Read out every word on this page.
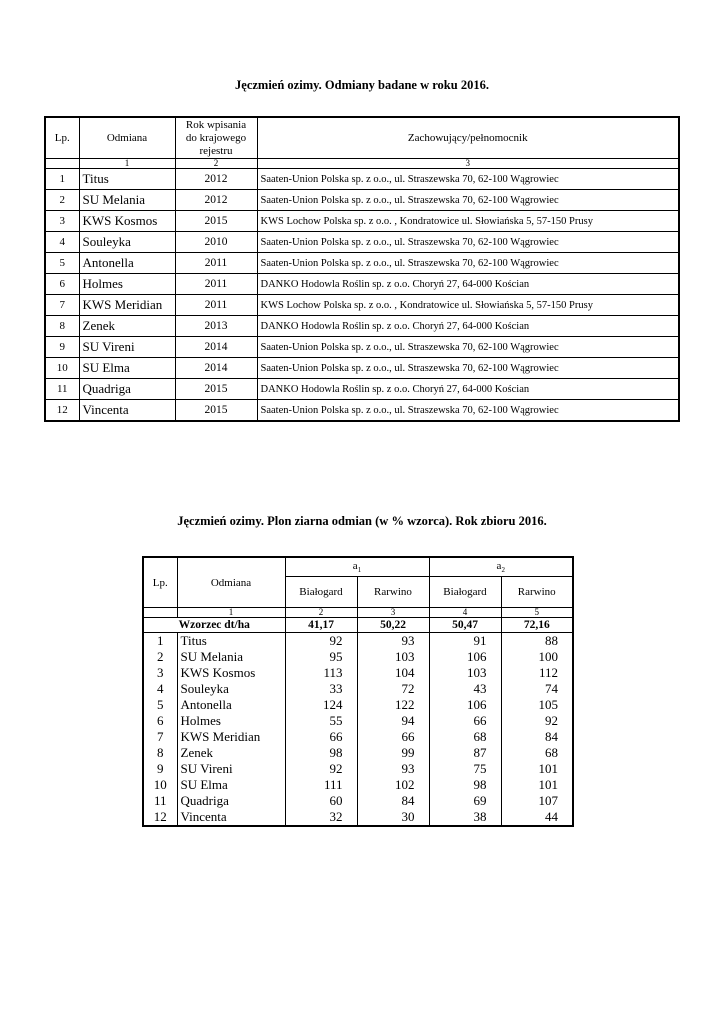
Jęczmień ozimy. Odmiany badane w roku 2016.
Lp.	Odmiana	Rok wpisania
do krajowego
rejestru	Zachowujący/pełnomocnik
	1	2	3
1	Titus	2012	Saaten-Union Polska sp. z o.o., ul. Straszewska 70, 62-100 Wągrowiec
2	SU Melania	2012	Saaten-Union Polska sp. z o.o., ul. Straszewska 70, 62-100 Wągrowiec
3	KWS Kosmos	2015	KWS Lochow Polska sp. z o.o. , Kondratowice ul. Słowiańska 5, 57-150 Prusy
4	Souleyka	2010	Saaten-Union Polska sp. z o.o., ul. Straszewska 70, 62-100 Wągrowiec
5	Antonella	2011	Saaten-Union Polska sp. z o.o., ul. Straszewska 70, 62-100 Wągrowiec
6	Holmes	2011	DANKO Hodowla Roślin sp. z o.o. Choryń 27, 64-000 Kościan
7	KWS Meridian	2011	KWS Lochow Polska sp. z o.o. , Kondratowice ul. Słowiańska 5, 57-150 Prusy
8	Zenek	2013	DANKO Hodowla Roślin sp. z o.o. Choryń 27, 64-000 Kościan
9	SU Vireni	2014	Saaten-Union Polska sp. z o.o., ul. Straszewska 70, 62-100 Wągrowiec
10	SU Elma	2014	Saaten-Union Polska sp. z o.o., ul. Straszewska 70, 62-100 Wągrowiec
11	Quadriga	2015	DANKO Hodowla Roślin sp. z o.o. Choryń 27, 64-000 Kościan
12	Vincenta	2015	Saaten-Union Polska sp. z o.o., ul. Straszewska 70, 62-100 Wągrowiec
Jęczmień ozimy. Plon ziarna odmian (w % wzorca). Rok zbioru 2016.
Lp.	Odmiana	$a_1$		$a_2$
		Białogard	Rarwino	Białogard	Rarwino
	1	2	3	4	5
Wzorzec dt/ha		41,17	50,22	50,47	72,16
1	Titus	92	93	91	88
2	SU Melania	95	103	106	100
3	KWS Kosmos	113	104	103	112
4	Souleyka	33	72	43	74
5	Antonella	124	122	106	105
6	Holmes	55	94	66	92
7	KWS Meridian	66	66	68	84
8	Zenek	98	99	87	68
9	SU Vireni	92	93	75	101
10	SU Elma	111	102	98	101
11	Quadriga	60	84	69	107
12	Vincenta	32	30	38	44
